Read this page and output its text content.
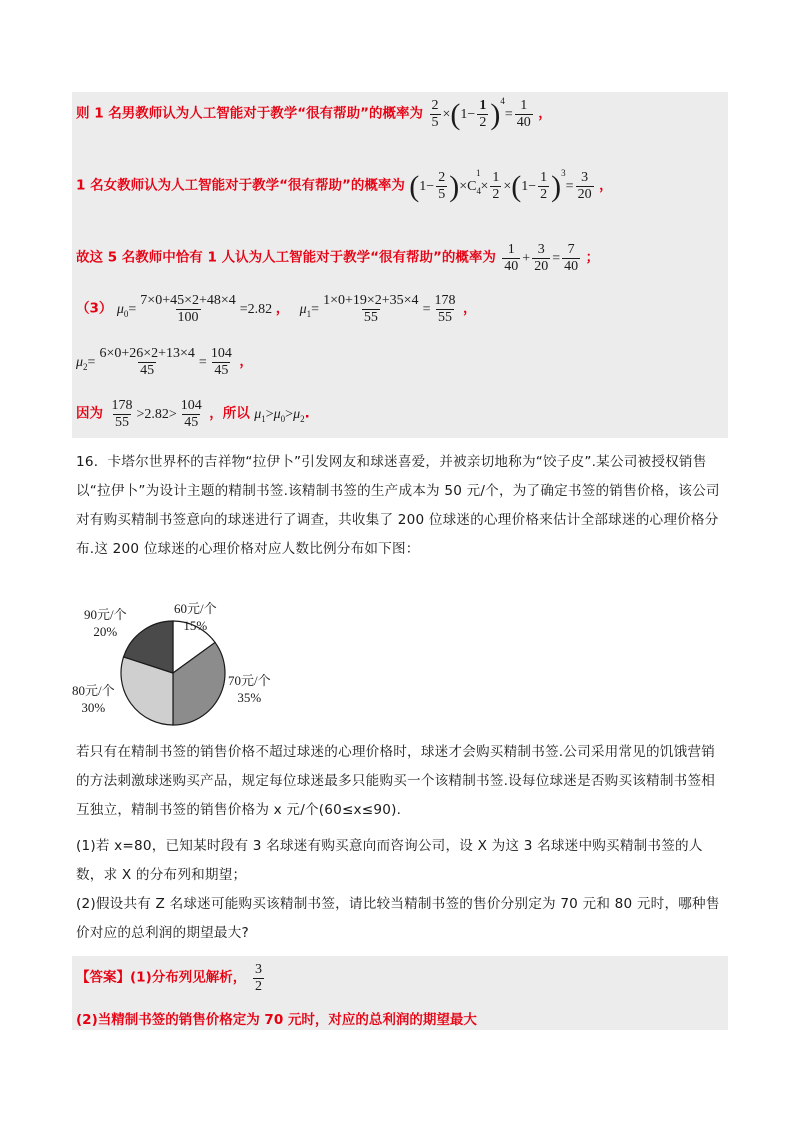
则 1 名男教师认为人工智能对于教学“很有帮助”的概率为 $\frac{2}{5} \times(1- \frac{1}{2} )^4= \frac{1}{40}$ ，
1 名女教师认为人工智能对于教学“很有帮助”的概率为 $(1- \frac{2}{5} )\times C_4^1\times \frac{1}{2} \times(1- \frac{1}{2} )^3= \frac{3}{20}$ ，
故这 5 名教师中恰有 1 人认为人工智能对于教学“很有帮助”的概率为 $\frac{1}{40} + \frac{3}{20} = \frac{7}{40}$ ；
（3） $\mu_0= \frac{7\times 0+45\times 2+48\times 4}{100} =2.82$ ， $\mu_1= \frac{1\times 0+19\times 2+35\times 4}{55} = \frac{178}{55}$ ，
$\mu_2= \frac{6\times 0+26\times 2+13\times 4}{45} = \frac{104}{45}$ ，
因为 $\frac{178}{55} >2.82> \frac{104}{45}$ ，所以 $\mu_1>\mu_0>\mu_2$.
16．卡塔尔世界杯的吉祥物“拉伊卜”引发网友和球迷喜爱，并被亲切地称为“饺子皮”.某公司被授权销售以“拉伊卜”为设计主题的精制书签.该精制书签的生产成本为 50 元/个，为了确定书签的销售价格，该公司对有购买精制书签意向的球迷进行了调查，共收集了 200 位球迷的心理价格来估计全部球迷的心理价格分布.这 200 位球迷的心理价格对应人数比例分布如下图：
60元/个
15%
70元/个
35%
80元/个
30%
90元/个
20%
若只有在精制书签的销售价格不超过球迷的心理价格时，球迷才会购买精制书签.公司采用常见的饥饿营销的方法刺激球迷购买产品，规定每位球迷最多只能购买一个该精制书签.设每位球迷是否购买该精制书签相互独立，精制书签的销售价格为 x 元/个(60≤x≤90).
(1)若 x=80，已知某时段有 3 名球迷有购买意向而咨询公司，设 X 为这 3 名球迷中购买精制书签的人数，求 X 的分布列和期望；
(2)假设共有 Z 名球迷可能购买该精制书签，请比较当精制书签的售价分别定为 70 元和 80 元时，哪种售价对应的总利润的期望最大?
【答案】(1)分布列见解析， $\frac{3}{2}$
(2)当精制书签的销售价格定为 70 元时，对应的总利润的期望最大
